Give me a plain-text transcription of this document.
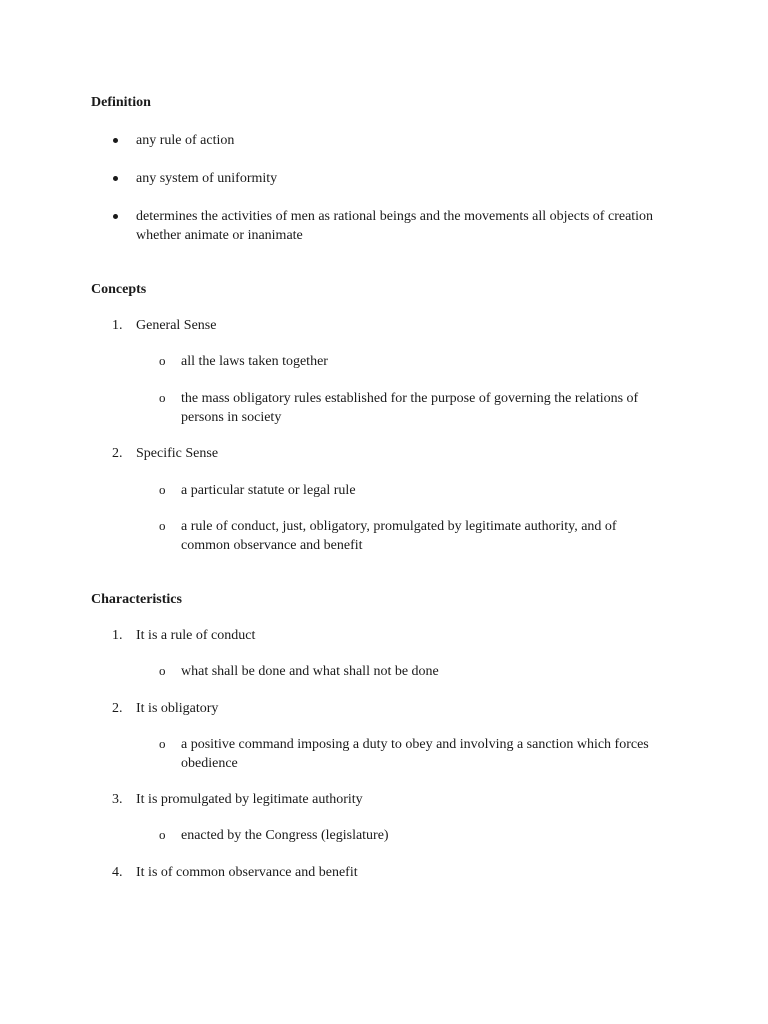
Definition
any rule of action
any system of uniformity
determines the activities of men as rational beings and the movements all objects of creation whether animate or inanimate
Concepts
1. General Sense
o all the laws taken together
o the mass obligatory rules established for the purpose of governing the relations of persons in society
2. Specific Sense
o a particular statute or legal rule
o a rule of conduct, just, obligatory, promulgated by legitimate authority, and of common observance and benefit
Characteristics
1. It is a rule of conduct
o what shall be done and what shall not be done
2. It is obligatory
o a positive command imposing a duty to obey and involving a sanction which forces obedience
3. It is promulgated by legitimate authority
o enacted by the Congress (legislature)
4. It is of common observance and benefit
